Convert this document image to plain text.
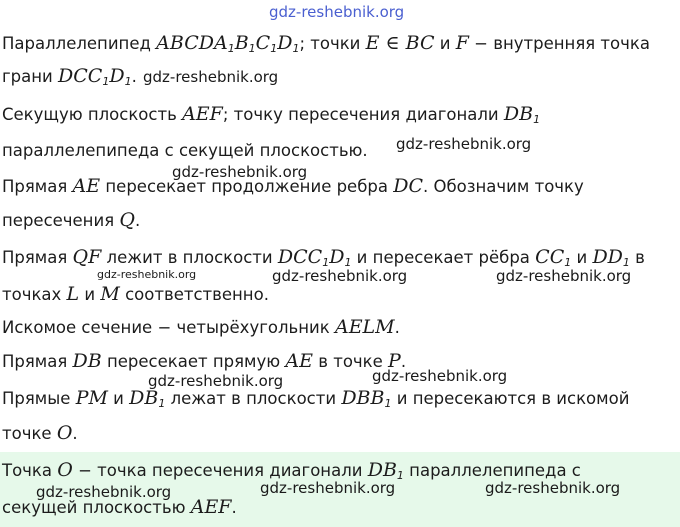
Параллелепипед $ABCDA_1B_1C_1D_1$; точки E ∈ BC и F − внутренняя точка
грани $DCC_1D_1$.
Секущую плоскость AEF; точку пересечения диагонали $DB_1$
параллелепипеда с секущей плоскостью.
Прямая AE пересекает продолжение ребра DC. Обозначим точку
пересечения Q.
Прямая QF лежит в плоскости $DCC_1D_1$ и пересекает рёбра $CC_1$ и $DD_1$ в
точках L и M соответственно.
Искомое сечение − четырёхугольник AELM.
Прямая DB пересекает прямую AE в точке P.
Прямые PM и $DB_1$ лежат в плоскости $DBB_1$ и пересекаются в искомой
точке O.
Точка O − точка пересечения диагонали $DB_1$ параллелепипеда с
секущей плоскостью AEF.
gdz-reshebnik.org
gdz-reshebnik.org
gdz-reshebnik.org
gdz-reshebnik.org
gdz-reshebnik.org	gdz-reshebnik.org	gdz-reshebnik.org
gdz-reshebnik.org	gdz-reshebnik.org
gdz-reshebnik.org	gdz-reshebnik.org	gdz-reshebnik.org
